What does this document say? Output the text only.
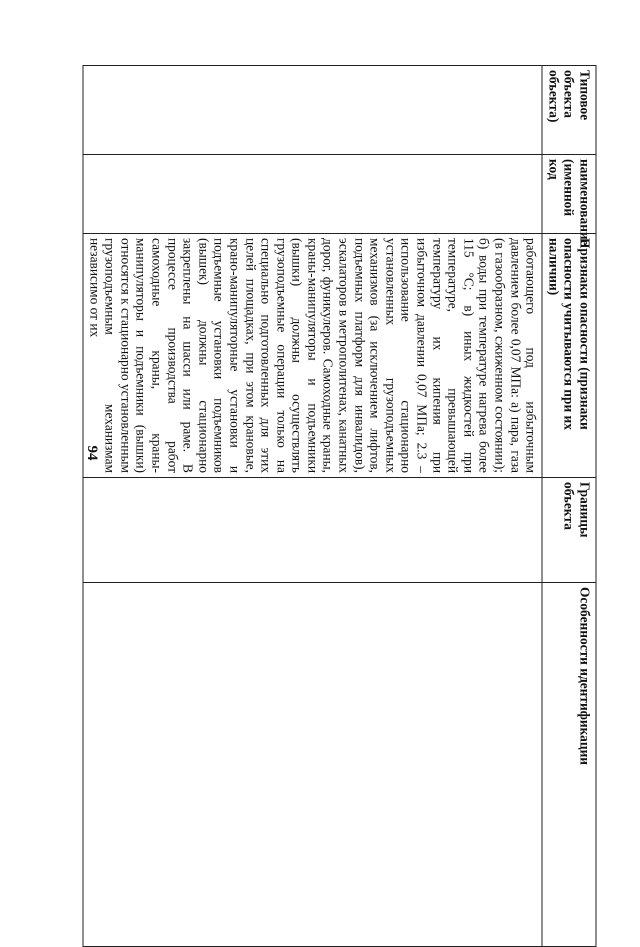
94
Типовое объекта объекта)	наименование (именной код	Признаки опасности (признаки опасности учитываются при их наличии)	Границы объекта	Особенности идентификации
		работающего под избыточным давлением более 0,07 МПа: а) пара, газа (в газообразном, сжиженном состоянии); б) воды при температуре нагрева более 115 °С; в) иных жидкостей при температуре, превышающей температуру их кипения при избыточном давлении 0,07 МПа; 2.3 – использование стационарно установленных грузоподъемных механизмов (за исключением лифтов, подъемных платформ для инвалидов), эскалаторов в метрополитенах, канатных дорог, фуникулеров. Самоходные краны, краны-манипуляторы и подъемники (вышки) должны осуществлять грузоподъемные операции только на специально подготовленных для этих целей площадках, при этом крановые, крано-манипуляторные установки и подъемные установки подъемников (вышек) должны стационарно закреплены на шасси или раме. В процессе производства работ самоходные краны, краны-манипуляторы и подъемники (вышки) относятся к стационарно установленным грузоподъемным механизмам независимо от их		
